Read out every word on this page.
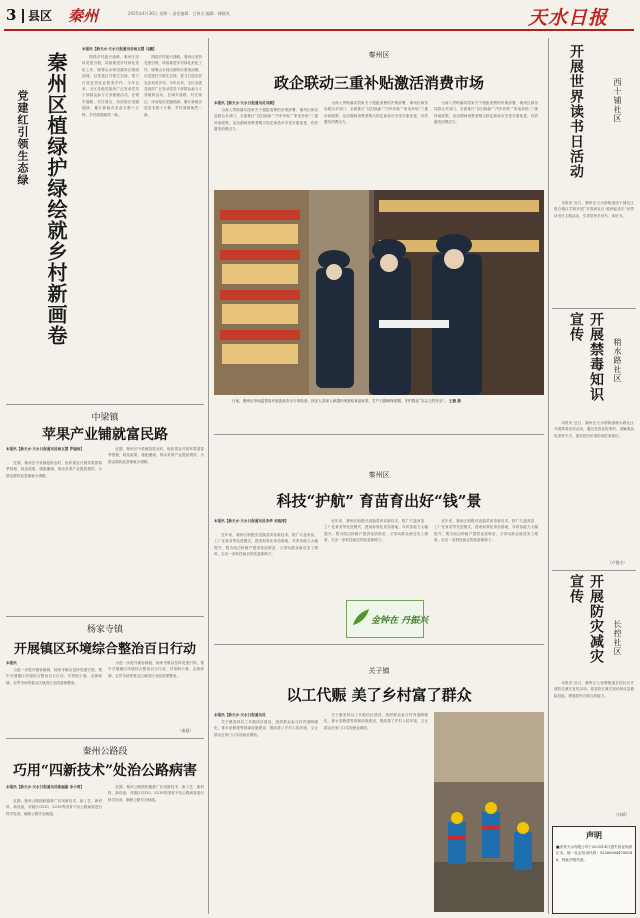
3 县区 秦州	2025年4月30日 星期一 责任编辑：吕善言 编辑：韩晓凤	天水日报
秦州区植绿护绿绘就乡村新画卷
党建红引领生态绿
本报讯【新天水·天水日报通讯员杨文慧 马鹏】

围绕乡村振兴战略，秦州区坚持党建引领，持续推进乡村绿化美化工作，统筹山水林田湖草沙系统治理，以党建红引领生态绿，着力打造宜居宜业和美乡村。今年以来，全区各级党组织广泛发动党员干部群众参与义务植树活动，在城乡道路、村庄周边、房前屋后见缝插绿，累计新植各类苗木数十万株，乡村面貌焕然一新。

围绕乡村振兴战略，秦州区坚持党建引领，持续推进乡村绿化美化工作，统筹山水林田湖草沙系统治理，以党建红引领生态绿，着力打造宜居宜业和美乡村。今年以来，全区各级党组织广泛发动党员干部群众参与义务植树活动，在城乡道路、村庄周边、房前屋后见缝插绿，累计新植各类苗木数十万株，乡村面貌焕然一新。

中梁镇
苹果产业铺就富民路
本报讯【新天水·天水日报通讯员杨文慧 罗瑞扬】

近期，秦州区中梁镇抢抓农时，组织果农开展苹果园春季管理，疏花疏果、施肥灌溉，推动苹果产业提质增效，为群众增收致富铺就小康路。

近期，秦州区中梁镇抢抓农时，组织果农开展苹果园春季管理，疏花疏果、施肥灌溉，推动苹果产业提质增效，为群众增收致富铺就小康路。

杨家寺镇
开展镇区环境综合整治百日行动
本报讯

为进一步提升镇容镇貌，杨家寺镇以坚持党建引领，集中开展镇区环境综合整治百日行动，对背街小巷、沿街商铺、农贸市场等重点区域进行全面清理整治。

为进一步提升镇容镇貌，杨家寺镇以坚持党建引领，集中开展镇区环境综合整治百日行动，对背街小巷、沿街商铺、农贸市场等重点区域进行全面清理整治。

（秦陇）
秦州公路段
巧用“四新技术”处治公路病害
本报讯【新天水·天水日报通讯员陈福豪 李小荷】

近期，秦州公路段积极推广应用新技术、新工艺、新材料、新设备，对辖区G310、S218等国省干线公路病害进行科学处治，确保公路安全畅通。

近期，秦州公路段积极推广应用新技术、新工艺、新材料、新设备，对辖区G310、S218等国省干线公路病害进行科学处治，确保公路安全畅通。

秦州区
政企联动三重补贴激活消费市场
本报讯【新天水·天水日报通讯员刘满】

为深入贯彻落实国家关于提振消费的决策部署，秦州区商务局联合多部门，全面推行“以旧换新”“汽车补贴”“家电补贴”三重补贴政策，活动期间消费者购买指定商品可享受多重优惠，有效激发消费活力。

为深入贯彻落实国家关于提振消费的决策部署，秦州区商务局联合多部门，全面推行“以旧换新”“汽车补贴”“家电补贴”三重补贴政策，活动期间消费者购买指定商品可享受多重优惠，有效激发消费活力。

为深入贯彻落实国家关于提振消费的决策部署，秦州区商务局联合多部门，全面推行“以旧换新”“汽车补贴”“家电补贴”三重补贴政策，活动期间消费者购买指定商品可享受多重优惠，有效激发消费活力。

日前，秦州区市场监管局开展食品安全专项检查，执法人员深入商超仔细查验食品标签、生产日期和保质期，守护群众“舌尖上的安全”。 王婕 摄
秦州区
科技“护航” 育苗育出好“钱”景
本报讯【新天水·天水日报通讯员李华 刘迪涛】

近年来，秦州区积极引进蔬菜育苗新技术，推广穴盘育苗、工厂化育苗等先进模式，建成标准化育苗基地，年育苗能力大幅提升，既为周边种植户提供优质种苗，又带动群众就近务工增收，走出一条科技助农的致富新路子。

近年来，秦州区积极引进蔬菜育苗新技术，推广穴盘育苗、工厂化育苗等先进模式，建成标准化育苗基地，年育苗能力大幅提升，既为周边种植户提供优质种苗，又带动群众就近务工增收，走出一条科技助农的致富新路子。

近年来，秦州区积极引进蔬菜育苗新技术，推广穴盘育苗、工厂化育苗等先进模式，建成标准化育苗基地，年育苗能力大幅提升，既为周边种植户提供优质种苗，又带动群众就近务工增收，走出一条科技助农的致富新路子。

金钟在 丹振兴
关子镇
以工代赈 美了乡村富了群众
本报讯【新天水·天水日报通讯员

关子镇坚持以工代赈项目建设，组织群众参与村内道路硬化、排水渠修建等基础设施建设，既改善了乡村人居环境，又让群众在家门口实现就业增收。

关子镇坚持以工代赈项目建设，组织群众参与村内道路硬化、排水渠修建等基础设施建设，既改善了乡村人居环境，又让群众在家门口实现就业增收。

西十铺社区
开展世界读书日活动

本报讯 近日，秦州区天水郡街道西十铺社区联合辖区学校开展“书香润社区·阅读促成长”世界读书日主题活动，引导居民多读书、读好书。

稍水路社区
开展禁毒知识宣传

本报讯 近日，秦州区天水郡街道稍水路社区开展禁毒宣传活动，通过发放宣传资料、讲解毒品危害等方式，提高居民识毒防毒拒毒意识。

（卢静杰）
长控社区
开展防灾减灾宣传

本报讯 近日，秦州区七里墩街道长控社区开展防灾减灾宣传活动，普及防灾减灾知识和应急避险技能，增强居民自救互救能力。

（孙晴）
声明
■清秀天水有限公司于2025年4月遗失营业执照正本，统一社会信用代码：922606044768548，特此声明作废。
